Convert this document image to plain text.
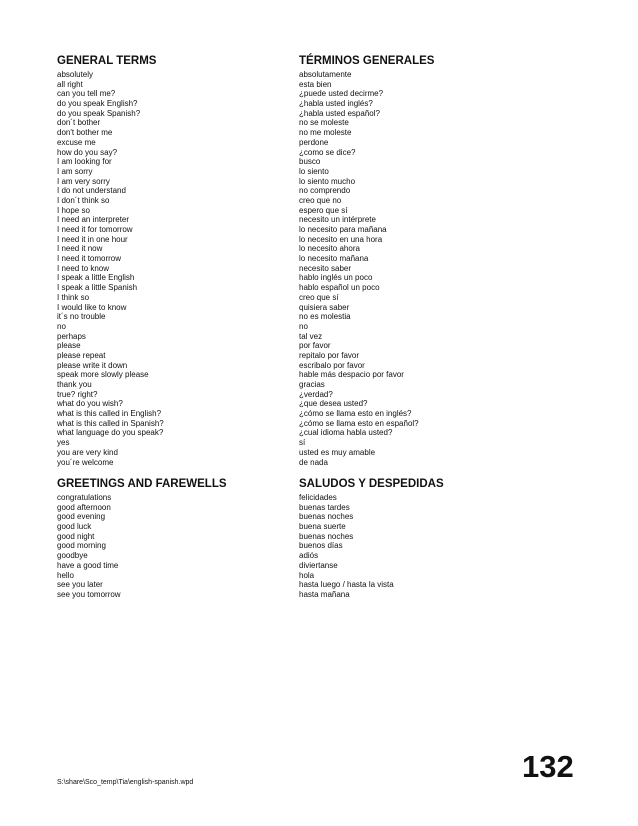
GENERAL TERMS	TÉRMINOS GENERALES
absolutely	absolutamente
all right	esta bien
can you tell me?	¿puede usted decirme?
do you speak English?	¿habla usted inglés?
do you speak Spanish?	¿habla usted español?
don´t bother	no se moleste
don't bother me	no me moleste
excuse me	perdone
how do you say?	¿como se dice?
I am looking for	busco
I am sorry	lo siento
I am very sorry	lo siento mucho
I do not understand	no comprendo
I don´t think so	creo que no
I hope so	espero que sí
I need an interpreter	necesito un intérprete
I need it for tomorrow	lo necesito para mañana
I need it in one hour	lo necesito en una hora
I need it now	lo necesito ahora
I need it tomorrow	lo necesito mañana
I need to know	necesito saber
I speak a little English	hablo inglés un poco
I speak a little Spanish	hablo español un poco
I think so	creo que sí
I would like to know	quisiera saber
it´s no trouble	no es molestia
no	no
perhaps	tal vez
please	por favor
please repeat	repitalo por favor
please write it down	escribalo por favor
speak more slowly please	hable más despacio por favor
thank you	gracias
true? right?	¿verdad?
what do you wish?	¿que desea usted?
what is this called in English?	¿cómo se llama esto en inglés?
what is this called in Spanish?	¿cómo se llama esto en español?
what language do you speak?	¿cual idioma habla usted?
yes	sí
you are very kind	usted es muy amable
you´re welcome	de nada
GREETINGS AND FAREWELLS	SALUDOS Y DESPEDIDAS
congratulations	felicidades
good afternoon	buenas tardes
good evening	buenas noches
good luck	buena suerte
good night	buenas noches
good morning	buenos días
goodbye	adiós
have a good time	diviertanse
hello	hola
see you later	hasta luego / hasta la vista
see you tomorrow	hasta mañana
S:\share\Sco_temp\Tia\english-spanish.wpd	132
